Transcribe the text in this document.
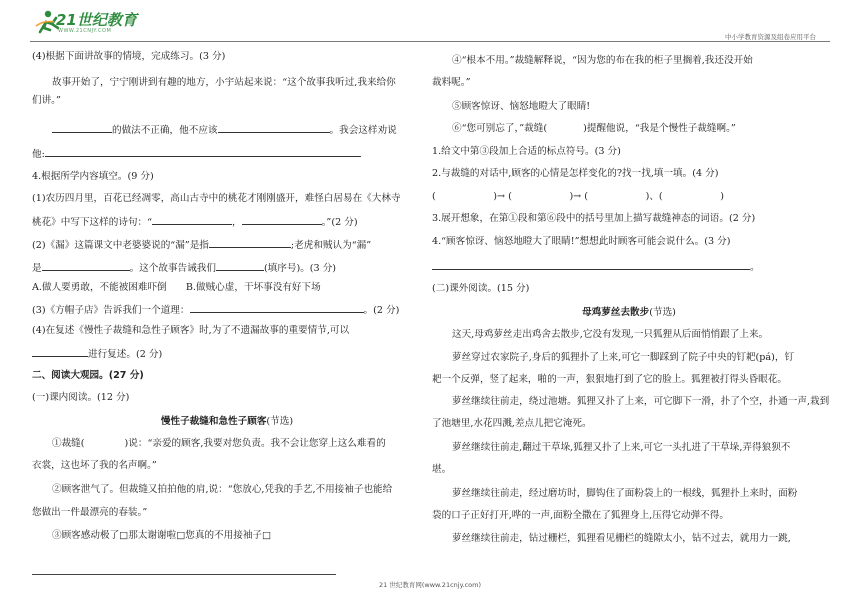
21世纪教育
WWW.21CNJY.COM
中小学教育资源及组卷应用平台
(4)根据下面讲故事的情境，完成练习。(3 分)
故事开始了，宁宁刚讲到有趣的地方，小宇站起来说：“这个故事我听过,我来给你
们讲。”
的做法不正确，他不应该	。我会这样劝说
他:
4.根据所学内容填空。(9 分)
(1)农历四月里，百花已经凋零，高山古寺中的桃花才刚刚盛开，难怪白居易在《大林寺
桃花》中写下这样的诗句：“	，	。”(2 分)
(2)《漏》这篇课文中老婆婆说的“漏”是指	;老虎和贼认为“漏”
是	。这个故事告诫我们	(填序号)。(3 分)
A.做人要勇敢，不能被困难吓倒　　B.做贼心虚，干坏事没有好下场
(3)《方帽子店》告诉我们一个道理：	。(2 分)
(4)在复述《慢性子裁缝和急性子顾客》时,为了不遗漏故事的重要情节,可以
进行复述。(2 分)
二、阅读大观园。(27 分)
(一)课内阅读。(12 分)
慢性子裁缝和急性子顾客(节选)
①裁缝(	)说：“亲爱的顾客,我要对您负责。我不会让您穿上这么难看的
衣裳，这也坏了我的名声啊。”
②顾客泄气了。但裁缝又拍拍他的肩,说：“您放心,凭我的手艺,不用接袖子也能给
您做出一件最漂亮的春装。”
③顾客感动极了□那太谢谢啦□您真的不用接袖子□
④“根本不用。”裁缝解释说，“因为您的布在我的柜子里搁着,我还没开始
裁料呢。”
⑤顾客惊讶、恼怒地瞪大了眼睛!
⑥“您可别忘了，”裁缝(	)提醒他说，“我是个慢性子裁缝啊。”
1.给文中第③段加上合适的标点符号。(3 分)
2.与裁缝的对话中,顾客的心情是怎样变化的?找一找,填一填。(4 分)
(　　　　　　)→ (　　　　　　)→ (　　　　　　)、(　　　　　　)
3.展开想象，在第①段和第⑥段中的括号里加上描写裁缝神态的词语。(2 分)
4.“顾客惊讶、恼怒地瞪大了眼睛!”想想此时顾客可能会说什么。(3 分)
。
(二)课外阅读。(15 分)
母鸡萝丝去散步(节选)
这天,母鸡萝丝走出鸡舍去散步,它没有发现,一只狐狸从后面悄悄跟了上来。
萝丝穿过农家院子,身后的狐狸扑了上来,可它一脚踩到了院子中央的钉耙(pá)，钉
耙一个反弹，竖了起来，啪的一声，狠狠地打到了它的脸上。狐狸被打得头昏眼花。
萝丝继续往前走，绕过池塘。狐狸又扑了上来，可它脚下一滑，扑了个空，扑通一声,栽到
了池塘里,水花四溅,差点儿把它淹死。
萝丝继续往前走,翻过干草垛,狐狸又扑了上来,可它一头扎进了干草垛,弄得狼狈不
堪。
萝丝继续往前走，经过磨坊时，脚钩住了面粉袋上的一根线，狐狸扑上来时，面粉
袋的口子正好打开,哗的一声,面粉全撒在了狐狸身上,压得它动弹不得。
萝丝继续往前走，钻过栅栏，狐狸看见栅栏的缝隙太小，钻不过去，就用力一跳,
21 世纪教育网(www.21cnjy.com)
